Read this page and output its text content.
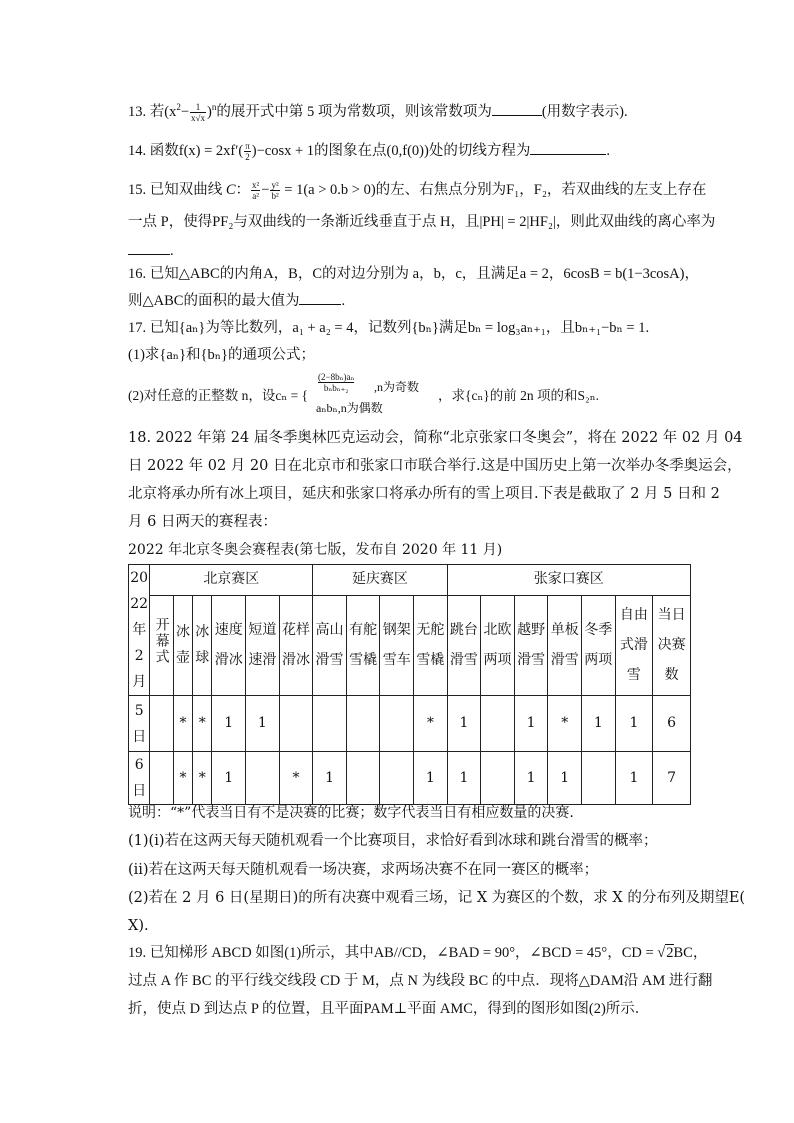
13. 若$(x^2- \frac{1}{x√x} )^n$的展开式中第 5 项为常数项，则该常数项为	(用数字表示).
14. 函数$f(x) = 2xf'( \frac{\pi}{2} )-\cos x + 1$的图象在点(0,f(0))处的切线方程为	.
15. 已知双曲线 C： $\frac{\text{x²}}{\text{a²}} - \frac{\text{y²}}{\text{b²}} = 1(a > 0.b > 0)$的左、右焦点分别为F₁，F₂，若双曲线的左支上存在
一点 P，使得PF₂与双曲线的一条渐近线垂直于点 H，且|PH| = 2|HF₂|，则此双曲线的离心率为
.
16. 已知△ABC的内角A，B，C的对边分别为 a，b，c，且满足a = 2，6cosB = b(1−3cosA)，
则△ABC的面积的最大值为	.
17. 已知{aₙ}为等比数列，a₁ + a₂ = 4，记数列{bₙ}满足bₙ = log₃aₙ₊₁，且bₙ₊₁−bₙ = 1.
(1)求{aₙ}和{bₙ}的通项公式；
(2)对任意的正整数 n，设cₙ = {
(2−8bₙ)aₙ
bₙbₙ₊₂	,n为奇数
aₙbₙ,n为偶数
，求{cₙ}的前 2n 项的和S₂ₙ.
18. 2022 年第 24 届冬季奥林匹克运动会，简称“北京张家口冬奥会”，将在 2022 年 02 月 04
日 2022 年 02 月 20 日在北京市和张家口市联合举行.这是中国历史上第一次举办冬季奥运会，
北京将承办所有冰上项目，延庆和张家口将承办所有的雪上项目.下表是截取了 2 月 5 日和 2
月 6 日两天的赛程表：
2022 年北京冬奥会赛程表(第七版，发布自 2020 年 11 月)
2022年2月	北京赛区						延庆赛区				张家口赛区						
	开幕式	冰壶	冰球	速度滑冰	短道速滑	花样滑冰	高山滑雪	有舵雪橇	钢架雪车	无舵雪橇	跳台滑雪	北欧两项	越野滑雪	单板滑雪	冬季两项	自由式滑雪	当日决赛数
5日		*	*	1	1					*	1		1	*	1	1	6
6日		*	*	1		*	1			1	1		1	1		1	7
说明：“*”代表当日有不是决赛的比赛；数字代表当日有相应数量的决赛.
(1)(i)若在这两天每天随机观看一个比赛项目，求恰好看到冰球和跳台滑雪的概率；
(ii)若在这两天每天随机观看一场决赛，求两场决赛不在同一赛区的概率；
(2)若在 2 月 6 日(星期日)的所有决赛中观看三场，记 X 为赛区的个数，求 X 的分布列及期望E(
X).
19. 已知梯形 ABCD 如图(1)所示，其中AB//CD，∠BAD = 90°，∠BCD = 45°，CD = √2BC，
过点 A 作 BC 的平行线交线段 CD 于 M，点 N 为线段 BC 的中点．现将△DAM沿 AM 进行翻
折，使点 D 到达点 P 的位置，且平面PAM⊥平面 AMC，得到的图形如图(2)所示．
